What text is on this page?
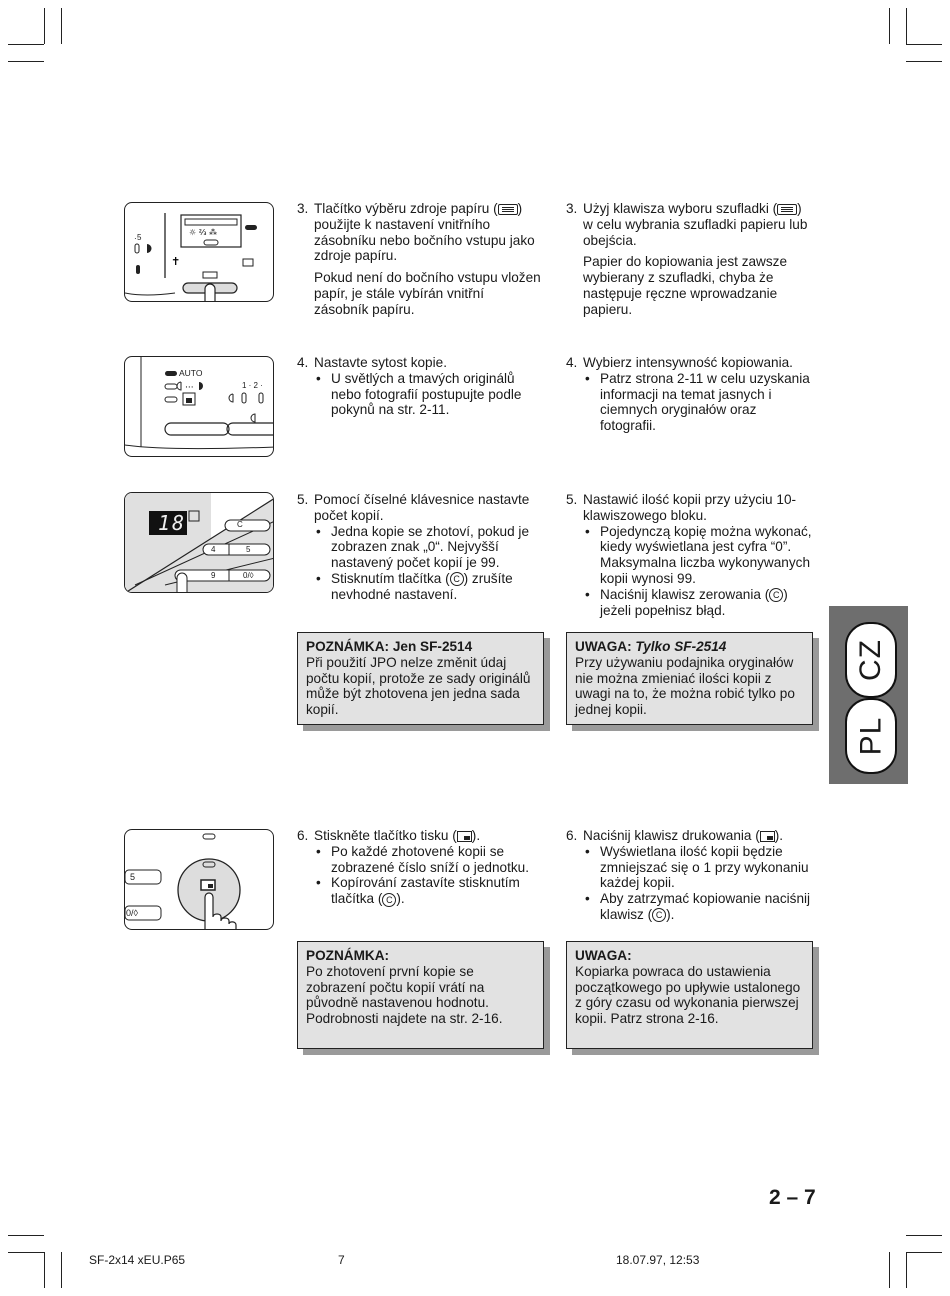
·
✝
☼ ⅔ ⁂
5
···
AUTO
1 · 2 ·
18	C
4	5
9	0/◊
5
0/◊

3. Tlačítko výběru zdroje papíru ( ) použijte k nastavení vnitřního zásobníku nebo bočního vstupu jako zdroje papíru.

Pokud není do bočního vstupu vložen papír, je stále vybírán vnitřní zásobník papíru.

3. Użyj klawisza wyboru szufladki ( ) w celu wybrania szufladki papieru lub obejścia.

Papier do kopiowania jest zawsze wybierany z szufladki, chyba że następuje ręczne wprowadzanie papieru.

4. Nastavte sytost kopie.

• U světlých a tmavých originálů nebo fotografií postupujte podle pokynů na str. 2-11.

4. Wybierz intensywność kopiowania.

• Patrz strona 2-11 w celu uzyskania informacji na temat jasnych i ciemnych oryginałów oraz fotografii.

5. Pomocí číselné klávesnice nastavte počet kopií.

• Jedna kopie se zhotoví, pokud je zobrazen znak „0“. Nejvyšší nastavený počet kopií je 99.

• Stisknutím tlačítka ( C ) zrušíte nevhodné nastavení.

5. Nastawić ilość kopii przy użyciu 10-klawiszowego bloku.

• Pojedynczą kopię można wykonać, kiedy wyświetlana jest cyfra “0”. Maksymalna liczba wykonywanych kopii wynosi 99.

• Naciśnij klawisz zerowania ( C ) jeżeli popełnisz błąd.

POZNÁMKA: Jen SF-2514
Při použití JPO nelze změnit údaj počtu kopií, protože ze sady originálů může být zhotovena jen jedna sada kopií.
UWAGA: Tylko SF-2514
Przy używaniu podajnika oryginałów nie można zmieniać ilości kopii z uwagi na to, że można robić tylko po jednej kopii.
CZ
PL

6. Stiskněte tlačítko tisku ( ).

• Po každé zhotovené kopii se zobrazené číslo sníží o jednotku.

• Kopírování zastavíte stisknutím tlačítka ( C ).

6. Naciśnij klawisz drukowania ( ).

• Wyświetlana ilość kopii będzie zmniejszać się o 1 przy wykonaniu każdej kopii.

• Aby zatrzymać kopiowanie naciśnij klawisz ( C ).

POZNÁMKA:
Po zhotovení první kopie se zobrazení počtu kopií vrátí na původně nastavenou hodnotu. Podrobnosti najdete na str. 2-16.
UWAGA:
Kopiarka powraca do ustawienia początkowego po upływie ustalonego z góry czasu od wykonania pierwszej kopii. Patrz strona 2-16.
2 – 7
SF-2x14 xEU.P65	7	18.07.97, 12:53
